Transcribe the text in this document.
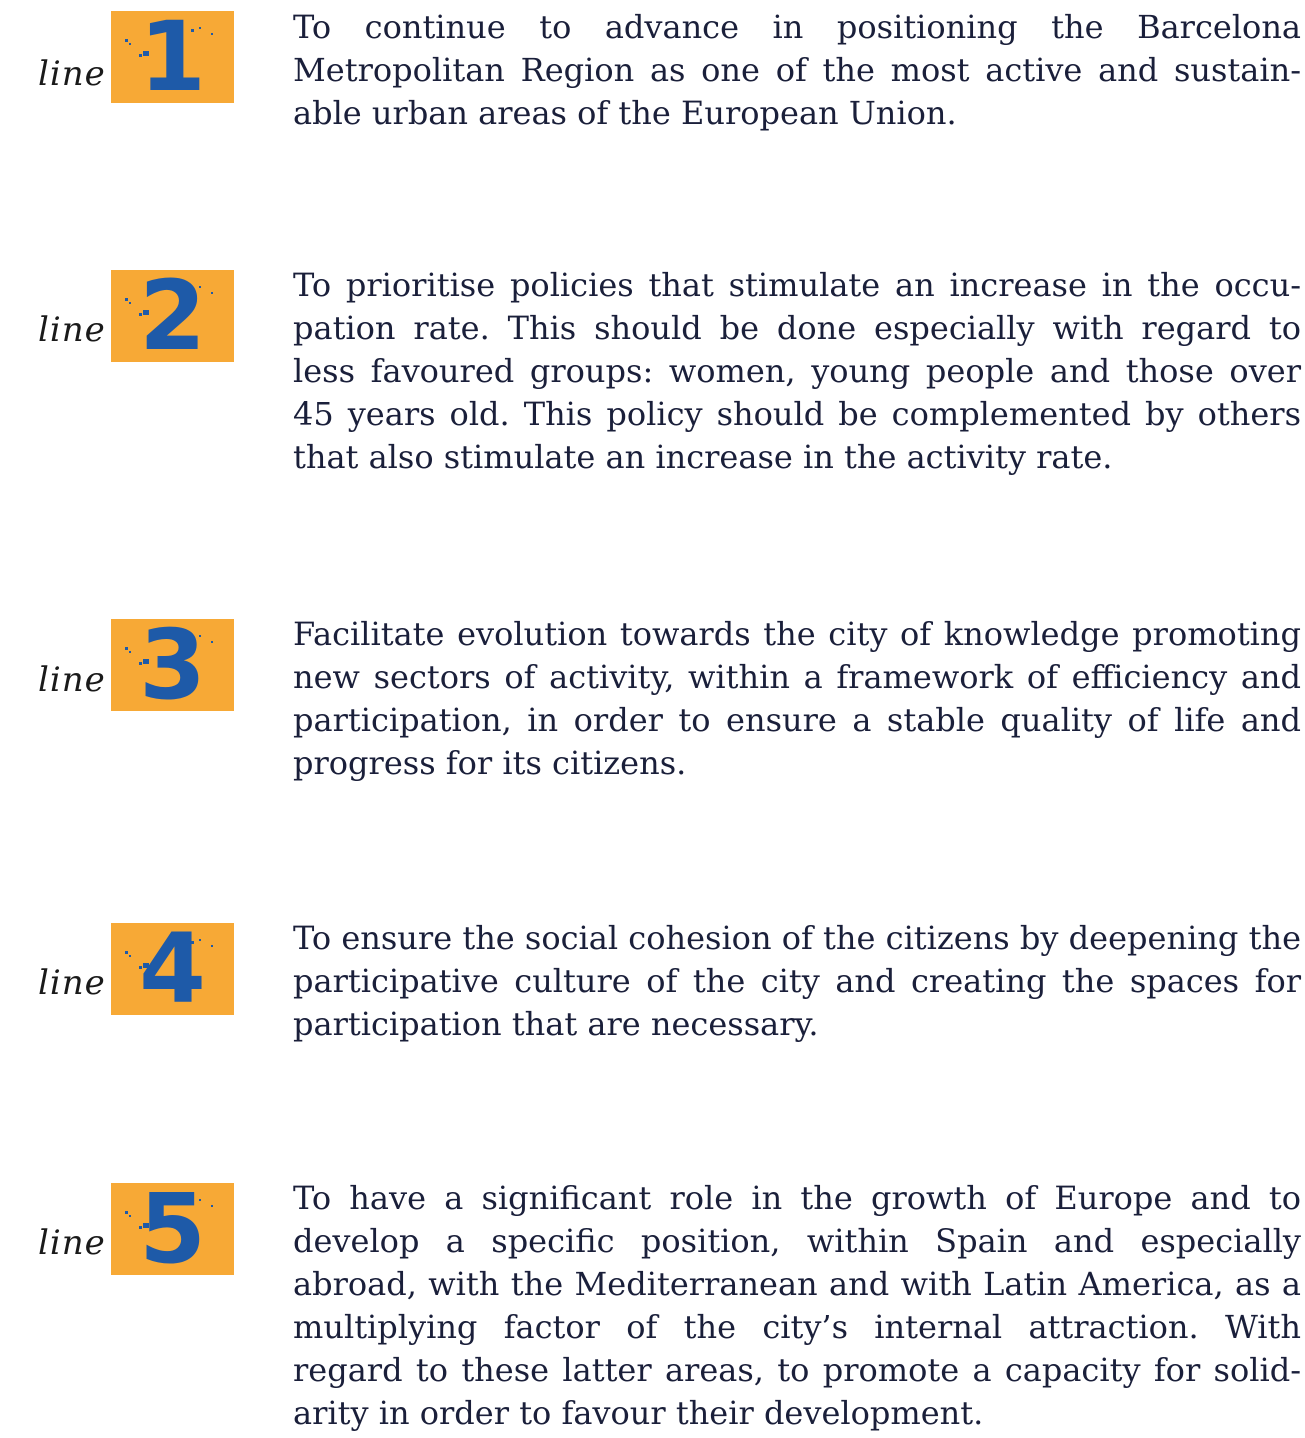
line 1	To continue to advance in positioning the Barcelona Metropolitan Region as one of the most active and sustainable urban areas of the European Union.
line 2	To prioritise policies that stimulate an increase in the occupation rate. This should be done especially with regard to less favoured groups: women, young people and those over 45 years old. This policy should be complemented by others that also stimulate an increase in the activity rate.
line 3	Facilitate evolution towards the city of knowledge promoting new sectors of activity, within a framework of efficiency and participation, in order to ensure a stable quality of life and progress for its citizens.
line 4	To ensure the social cohesion of the citizens by deepening the participative culture of the city and creating the spaces for participation that are necessary.
line 5	To have a significant role in the growth of Europe and to develop a specific position, within Spain and especially abroad, with the Mediterranean and with Latin America, as a multiplying factor of the city’s internal attraction. With regard to these latter areas, to promote a capacity for solidarity in order to favour their development.
